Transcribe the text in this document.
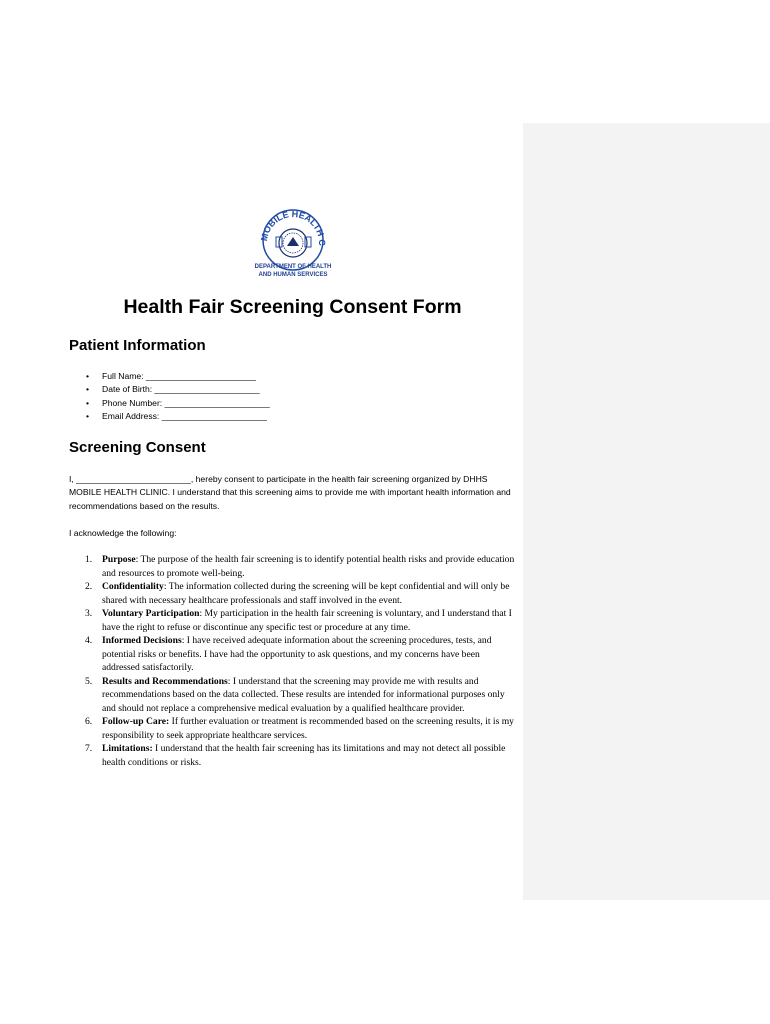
MOBILE HEALTH C
DEPARTMENT OF HEALTH
AND HUMAN SERVICES
Health Fair Screening Consent Form
Patient Information
• Full Name: _______________________
• Date of Birth: ______________________
• Phone Number: ______________________
• Email Address: ______________________
Screening Consent

I, ________________________, hereby consent to participate in the health fair screening organized by DHHS MOBILE HEALTH CLINIC. I understand that this screening aims to provide me with important health information and recommendations based on the results.

I acknowledge the following:

1. Purpose: The purpose of the health fair screening is to identify potential health risks and provide education and resources to promote well-being.
2. Confidentiality: The information collected during the screening will be kept confidential and will only be shared with necessary healthcare professionals and staff involved in the event.
3. Voluntary Participation: My participation in the health fair screening is voluntary, and I understand that I have the right to refuse or discontinue any specific test or procedure at any time.
4. Informed Decisions: I have received adequate information about the screening procedures, tests, and potential risks or benefits. I have had the opportunity to ask questions, and my concerns have been addressed satisfactorily.
5. Results and Recommendations: I understand that the screening may provide me with results and recommendations based on the data collected. These results are intended for informational purposes only and should not replace a comprehensive medical evaluation by a qualified healthcare provider.
6. Follow-up Care: If further evaluation or treatment is recommended based on the screening results, it is my responsibility to seek appropriate healthcare services.
7. Limitations: I understand that the health fair screening has its limitations and may not detect all possible health conditions or risks.
